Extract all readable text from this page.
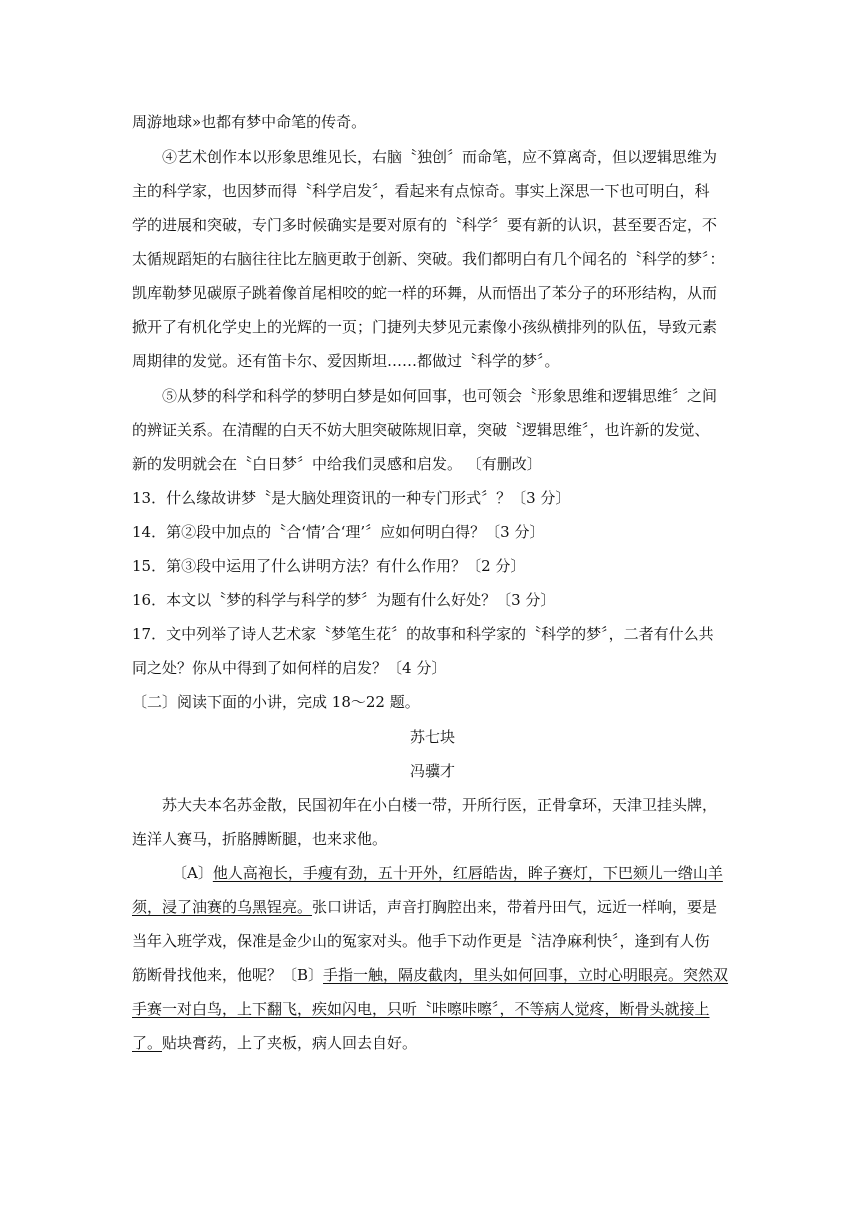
周游地球»也都有梦中命笔的传奇。
④艺术创作本以形象思维见长，右脑〝独创〞而命笔，应不算离奇，但以逻辑思维为
主的科学家，也因梦而得〝科学启发〞，看起来有点惊奇。事实上深思一下也可明白，科
学的进展和突破，专门多时候确实是要对原有的〝科学〞要有新的认识，甚至要否定，不
太循规蹈矩的右脑往往比左脑更敢于创新、突破。我们都明白有几个闻名的〝科学的梦〞：
凯库勒梦见碳原子跳着像首尾相咬的蛇一样的环舞，从而悟出了苯分子的环形结构，从而
掀开了有机化学史上的光辉的一页；门捷列夫梦见元素像小孩纵横排列的队伍，导致元素
周期律的发觉。还有笛卡尔、爱因斯坦……都做过〝科学的梦〞。
⑤从梦的科学和科学的梦明白梦是如何回事，也可领会〝形象思维和逻辑思维〞之间
的辨证关系。在清醒的白天不妨大胆突破陈规旧章，突破〝逻辑思维〞，也许新的发觉、
新的发明就会在〝白日梦〞中给我们灵感和启发。 〔有删改〕
13．什么缘故讲梦〝是大脑处理资讯的一种专门形式〞？〔3 分〕
14．第②段中加点的〝合‘情’合‘理’〞应如何明白得？〔3 分〕
15．第③段中运用了什么讲明方法？有什么作用？〔2 分〕
16．本文以〝梦的科学与科学的梦〞为题有什么好处？〔3 分〕
17．文中列举了诗人艺术家〝梦笔生花〞的故事和科学家的〝科学的梦〞，二者有什么共
同之处？你从中得到了如何样的启发？〔4 分〕
〔二〕阅读下面的小讲，完成 18～22 题。
苏七块
冯骥才
苏大夫本名苏金散，民国初年在小白楼一带，开所行医，正骨拿环，天津卫挂头牌，
连洋人赛马，折胳膊断腿，也来求他。
〔A〕他人高袍长，手瘦有劲，五十开外，红唇皓齿，眸子赛灯，下巴颏儿一绺山羊
须，浸了油赛的乌黑锃亮。张口讲话，声音打胸腔出来，带着丹田气，远近一样响，要是
当年入班学戏，保准是金少山的冤家对头。他手下动作更是〝洁净麻利快〞，逢到有人伤
筋断骨找他来，他呢？〔B〕手指一触，隔皮截肉，里头如何回事，立时心明眼亮。突然双
手赛一对白鸟，上下翻飞，疾如闪电，只听〝咔嚓咔嚓〞，不等病人觉疼，断骨头就接上
了。贴块膏药，上了夹板，病人回去自好。
